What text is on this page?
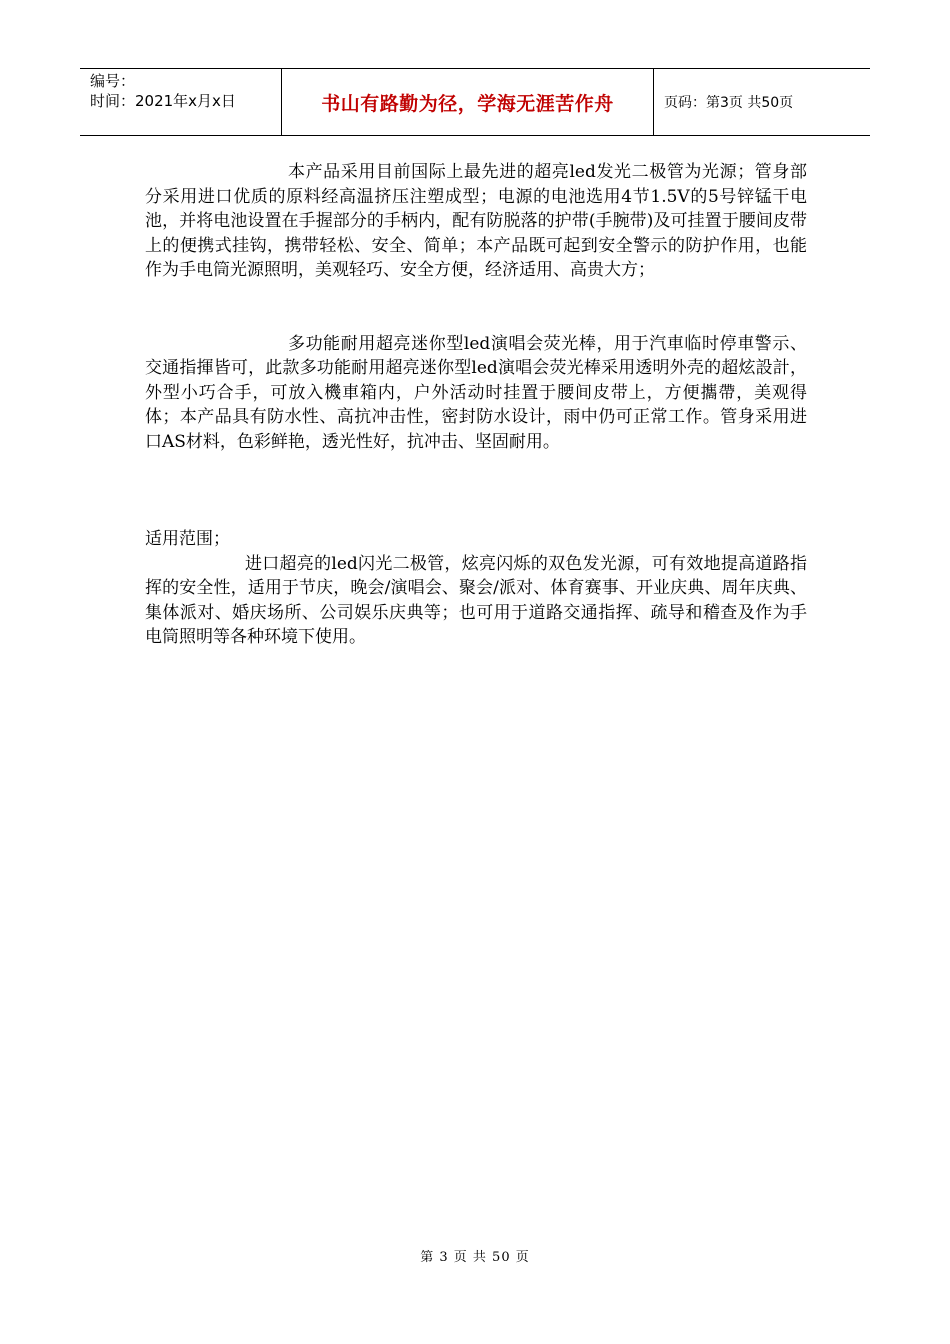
编号：
时间：2021年x月x日	书山有路勤为径，学海无涯苦作舟	页码：第3页 共50页

本产品采用目前国际上最先进的超亮led发光二极管为光源；管身部分采用进口优质的原料经高温挤压注塑成型；电源的电池选用4节1.5V的5号锌锰干电池，并将电池设置在手握部分的手柄内，配有防脱落的护带(手腕带)及可挂置于腰间皮带上的便携式挂钩，携带轻松、安全、简单；本产品既可起到安全警示的防护作用，也能作为手电筒光源照明，美观轻巧、安全方便，经济适用、高贵大方；

多功能耐用超亮迷你型led演唱会荧光棒，用于汽車临时停車警示、交通指揮皆可，此款多功能耐用超亮迷你型led演唱会荧光棒采用透明外壳的超炫設計，外型小巧合手，可放入機車箱内，户外活动时挂置于腰间皮带上，方便攜帶，美观得体；本产品具有防水性、高抗冲击性，密封防水设计，雨中仍可正常工作。管身采用进口AS材料，色彩鲜艳，透光性好，抗冲击、坚固耐用。

适用范围；

进口超亮的led闪光二极管，炫亮闪烁的双色发光源，可有效地提高道路指挥的安全性，适用于节庆，晚会/演唱会、聚会/派对、体育赛事、开业庆典、周年庆典、集体派对、婚庆场所、公司娱乐庆典等；也可用于道路交通指挥、疏导和稽查及作为手电筒照明等各种环境下使用。

第 3 页 共 50 页
